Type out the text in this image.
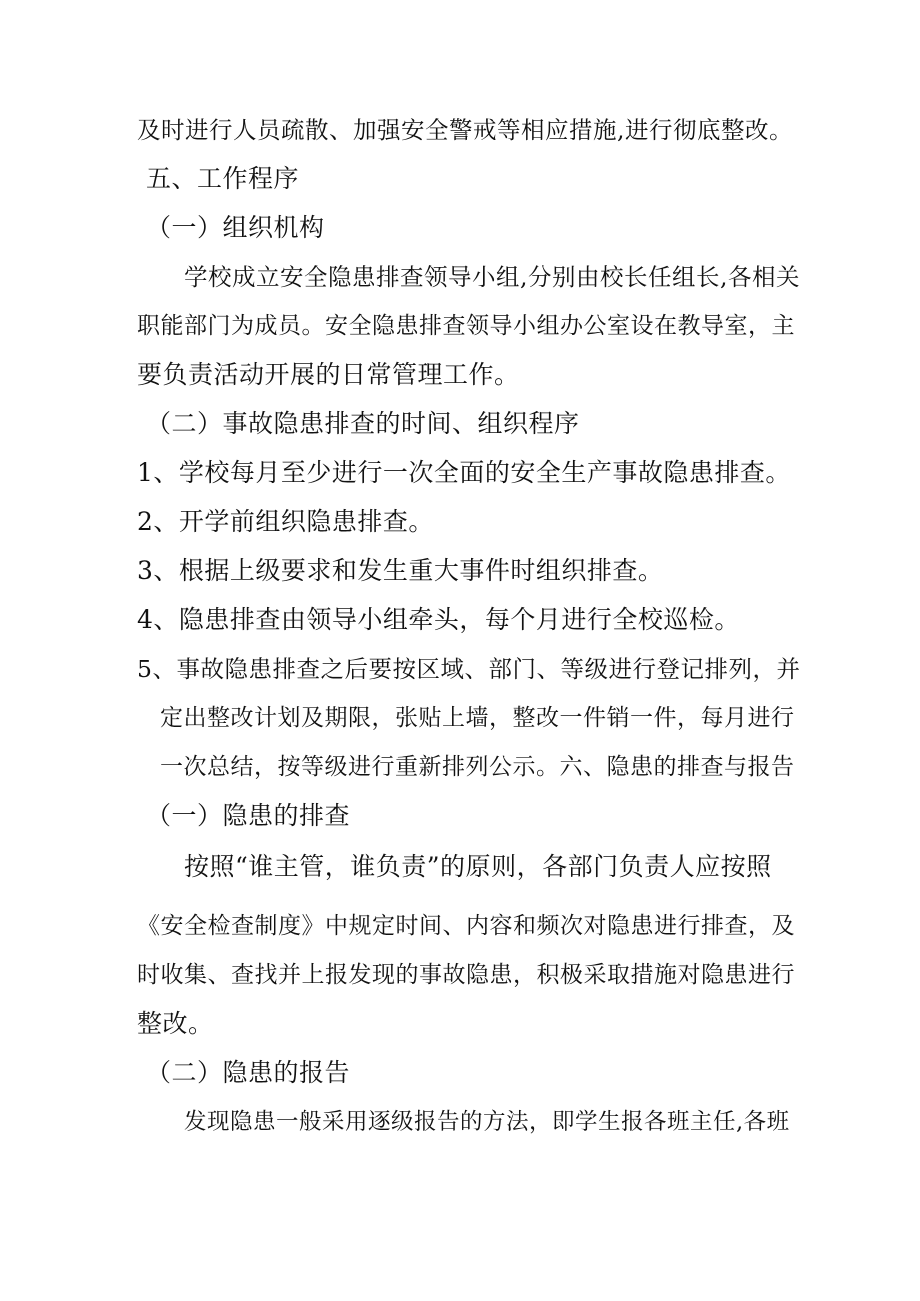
及时进行人员疏散、加强安全警戒等相应措施,进行彻底整改。
五、工作程序
（一）组织机构
学校成立安全隐患排查领导小组,分别由校长任组长,各相关
职能部门为成员。安全隐患排查领导小组办公室设在教导室，主
要负责活动开展的日常管理工作。
（二）事故隐患排查的时间、组织程序
1、学校每月至少进行一次全面的安全生产事故隐患排查。
2、开学前组织隐患排查。
3、根据上级要求和发生重大事件时组织排查。
4、隐患排查由领导小组牵头，每个月进行全校巡检。
5、事故隐患排查之后要按区域、部门、等级进行登记排列，并
定出整改计划及期限，张贴上墙，整改一件销一件，每月进行
一次总结，按等级进行重新排列公示。六、隐患的排查与报告
（一）隐患的排查
按照“谁主管，谁负责”的原则，各部门负责人应按照
《安全检查制度》中规定时间、内容和频次对隐患进行排查，及
时收集、查找并上报发现的事故隐患，积极采取措施对隐患进行
整改。
（二）隐患的报告
发现隐患一般采用逐级报告的方法，即学生报各班主任,各班
